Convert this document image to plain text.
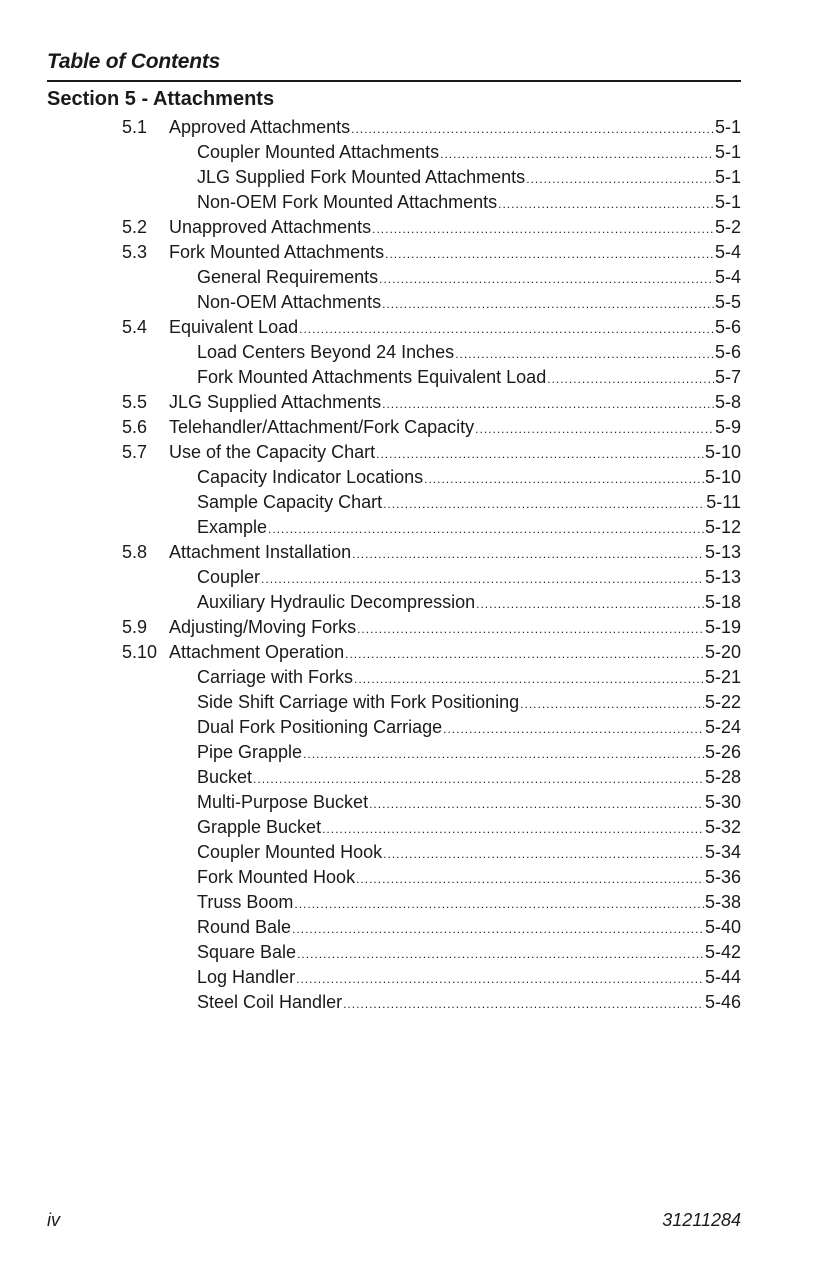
Table of Contents
Section 5 - Attachments
5.1	Approved Attachments .....	5-1
Coupler Mounted Attachments .....	5-1
JLG Supplied Fork Mounted Attachments .....	5-1
Non-OEM Fork Mounted Attachments .....	5-1
5.2	Unapproved Attachments .....	5-2
5.3	Fork Mounted Attachments .....	5-4
General Requirements .....	5-4
Non-OEM Attachments .....	5-5
5.4	Equivalent Load .....	5-6
Load Centers Beyond 24 Inches .....	5-6
Fork Mounted Attachments Equivalent Load .....	5-7
5.5	JLG Supplied Attachments .....	5-8
5.6	Telehandler/Attachment/Fork Capacity .....	5-9
5.7	Use of the Capacity Chart .....	5-10
Capacity Indicator Locations .....	5-10
Sample Capacity Chart .....	5-11
Example .....	5-12
5.8	Attachment Installation .....	5-13
Coupler .....	5-13
Auxiliary Hydraulic Decompression .....	5-18
5.9	Adjusting/Moving Forks .....	5-19
5.10 Attachment Operation .....	5-20
Carriage with Forks .....	5-21
Side Shift Carriage with Fork Positioning .....	5-22
Dual Fork Positioning Carriage .....	5-24
Pipe Grapple .....	5-26
Bucket .....	5-28
Multi-Purpose Bucket .....	5-30
Grapple Bucket .....	5-32
Coupler Mounted Hook .....	5-34
Fork Mounted Hook .....	5-36
Truss Boom .....	5-38
Round Bale .....	5-40
Square Bale .....	5-42
Log Handler .....	5-44
Steel Coil Handler .....	5-46
iv	31211284
